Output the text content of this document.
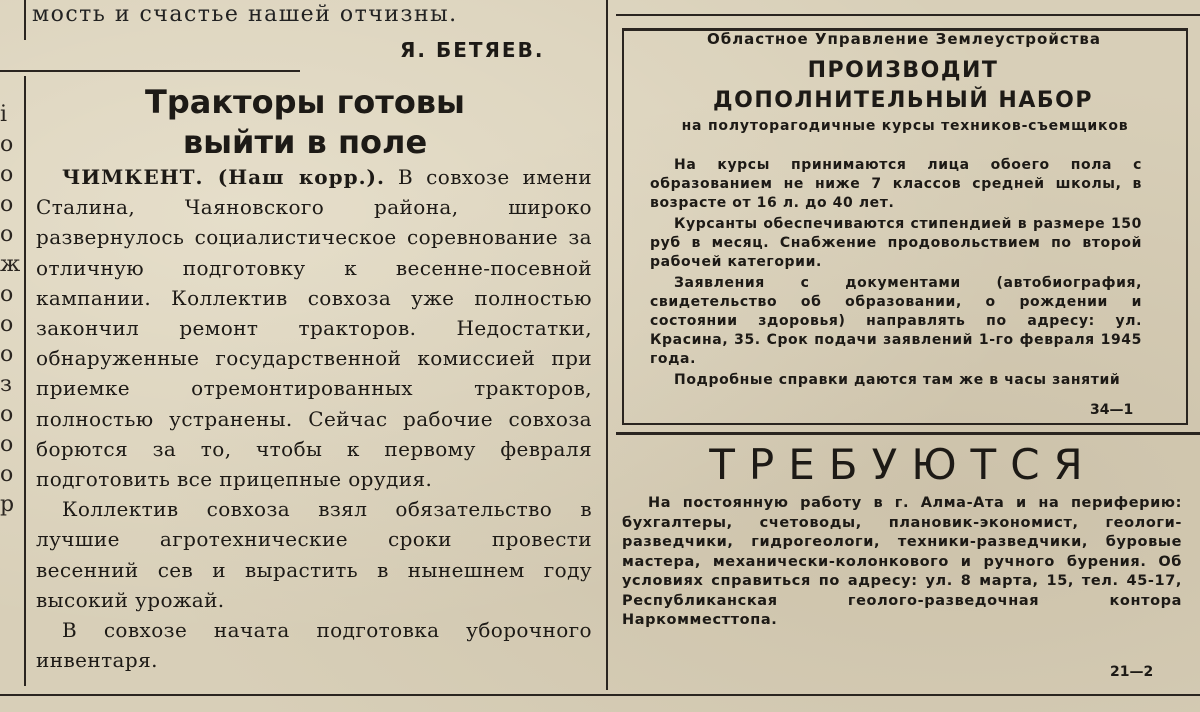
i
о
о
о
о
ж
о
о
о
з
о
о
о
р
мость и счастье нашей отчизны.
Я. БЕТЯЕВ.
Тракторы готовы
выйти в поле

ЧИМКЕНТ. (Наш корр.). В совхозе имени Сталина, Чаяновского района, широко развернулось социалистическое соревнование за отличную подготовку к весенне-посевной кампании. Коллектив совхоза уже полностью закончил ремонт тракторов. Недостатки, обнаруженные государственной комиссией при приемке отремонтированных тракторов, полностью устранены. Сейчас рабочие совхоза борются за то, чтобы к первому февраля подготовить все прицепные орудия.

Коллектив совхоза взял обязательство в лучшие агротехнические сроки провести весенний сев и вырастить в нынешнем году высокий урожай.

В совхозе начата подготовка уборочного инвентаря.

Областное Управление Землеустройства
ПРОИЗВОДИТ
ДОПОЛНИТЕЛЬНЫЙ НАБОР
на полуторагодичные курсы техников-съемщиков

На курсы принимаются лица обоего пола с образованием не ниже 7 классов средней школы, в возрасте от 16 л. до 40 лет.

Курсанты обеспечиваются стипендией в размере 150 руб в месяц. Снабжение продовольствием по второй рабочей категории.

Заявления с документами (автобиография, свидетельство об образовании, о рождении и состоянии здоровья) направлять по адресу: ул. Красина, 35. Срок подачи заявлений 1-го февраля 1945 года.

Подробные справки даются там же в часы занятий

34—1
ТРЕБУЮТСЯ

На постоянную работу в г. Алма-Ата и на периферию: бухгалтеры, счетоводы, плановик-экономист, геологи-разведчики, гидрогеологи, техники-разведчики, буровые мастера, механически-колонкового и ручного бурения. Об условиях справиться по адресу: ул. 8 марта, 15, тел. 45-17, Республиканская геолого-разведочная контора Наркомместтопа.

21—2
